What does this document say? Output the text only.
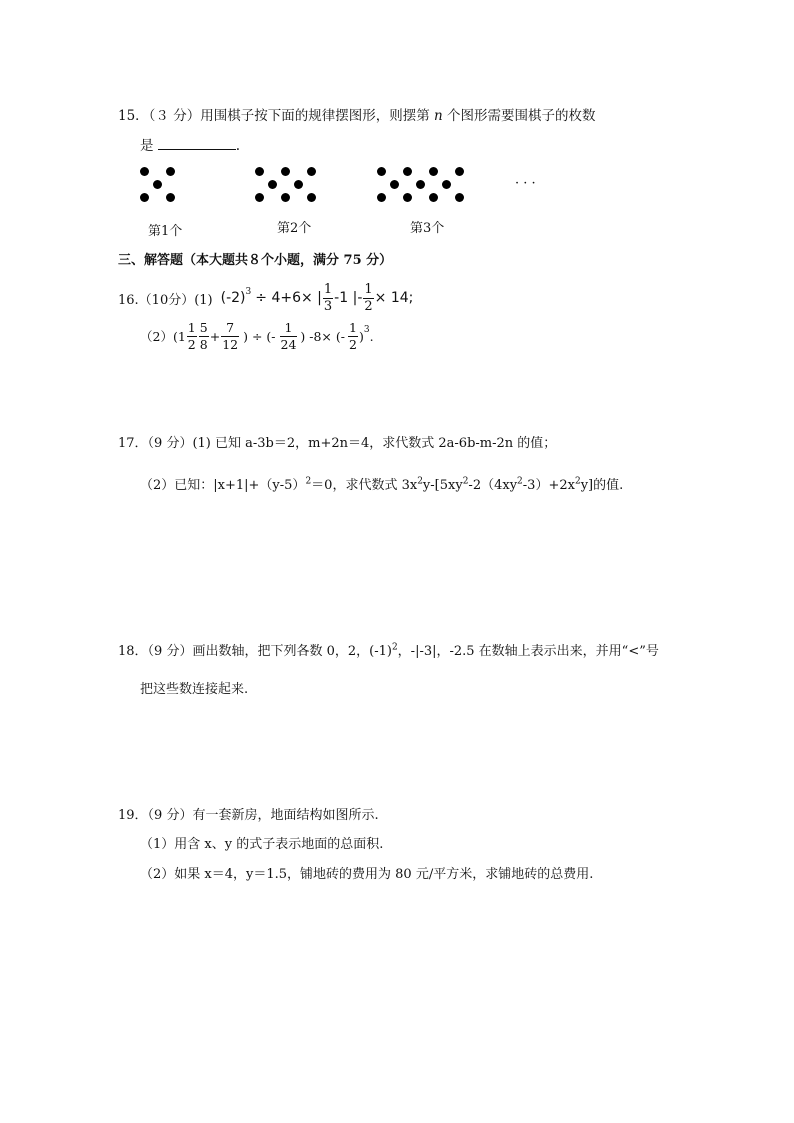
15．（３ 分）用围棋子按下面的规律摆图形，则摆第 n 个图形需要围棋子的枚数
是	.
第1个	第2个	第3个
· · ·
三、解答题（本大题共８个小题，满分 75 分）
16.（10分）(1) $(-2)^3 \div 4+6\times$ | $\frac{1}{3} -1$ | - $\frac{1}{2} \times 14$;
$(2)(1 \frac{1}{2} \frac{5}{8} + \frac{7}{12}$ ) ÷ (- $\frac{1}{24}$ ) -8× (- $\frac{1}{2} )^3$ .
17．（9 分）(1) 已知 a-3b＝2，m+2n＝4，求代数式 2a-6b-m-2n 的值；
（2）已知：$|x+1|+(y-5)^2=0$，求代数式 $3x^2y-[5xy^2-2(4xy^2-3)+2x^2y]$的值.
18．（9 分）画出数轴，把下列各数 0，2，$(-1)^2$，-|-3|，-2.5 在数轴上表示出来，并用“<”号
把这些数连接起来.
19．（9 分）有一套新房，地面结构如图所示.
（1）用含 x、y 的式子表示地面的总面积.
（2）如果 x＝4，y＝1.5，铺地砖的费用为 80 元/平方米，求铺地砖的总费用.
